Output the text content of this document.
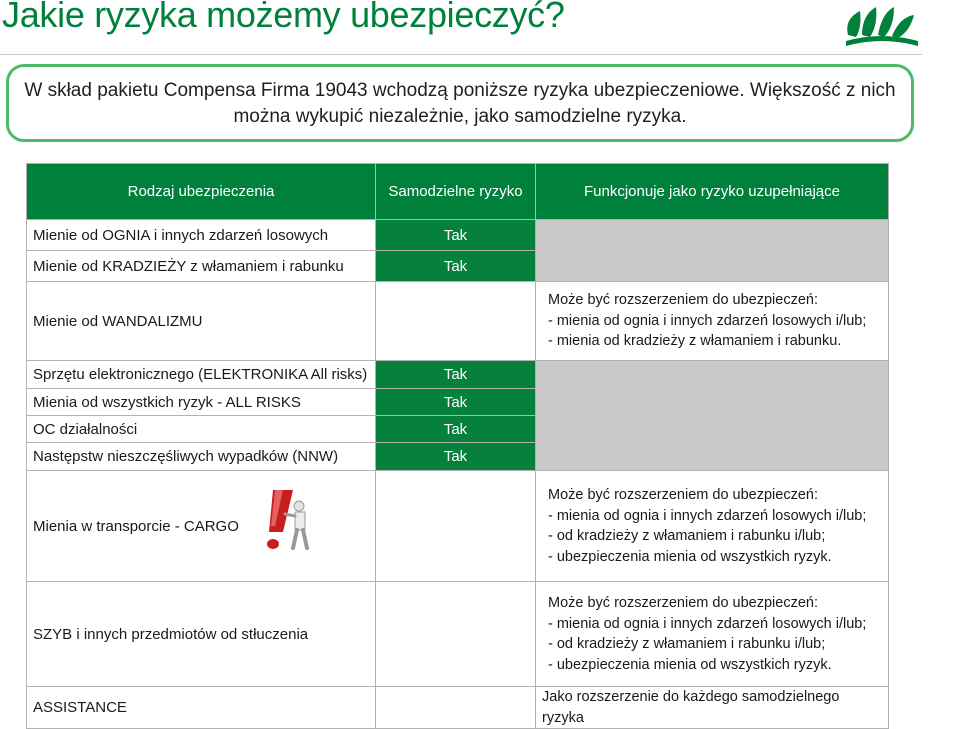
Jakie ryzyka możemy ubezpieczyć?
W skład pakietu Compensa Firma 19043 wchodzą poniższe ryzyka ubezpieczeniowe. Większość z nich można wykupić niezależnie, jako samodzielne ryzyka.
Rodzaj ubezpieczenia	Samodzielne ryzyko	Funkcjonuje jako ryzyko uzupełniające
Mienie od OGNIA i innych zdarzeń losowych	Tak	
Mienie od KRADZIEŻY z włamaniem i rabunku	Tak	
Mienie od WANDALIZMU		Może być rozszerzeniem do ubezpieczeń:
- mienia od ognia i innych zdarzeń losowych i/lub;
- mienia od kradzieży z włamaniem i rabunku.

Sprzętu elektronicznego (ELEKTRONIKA All risks)	Tak	
Mienia od wszystkich ryzyk - ALL RISKS	Tak	
OC działalności	Tak	
Następstw nieszczęśliwych wypadków (NNW)	Tak	

Mienia w transporcie - CARGO		Może być rozszerzeniem do ubezpieczeń:
- mienia od ognia i innych zdarzeń losowych i/lub;
- od kradzieży z włamaniem i rabunku i/lub;
- ubezpieczenia mienia od wszystkich ryzyk.

SZYB i innych przedmiotów od stłuczenia		Może być rozszerzeniem do ubezpieczeń:
- mienia od ognia i innych zdarzeń losowych i/lub;
- od kradzieży z włamaniem i rabunku i/lub;
- ubezpieczenia mienia od wszystkich ryzyk.

ASSISTANCE		Jako rozszerzenie do każdego samodzielnego ryzyka
